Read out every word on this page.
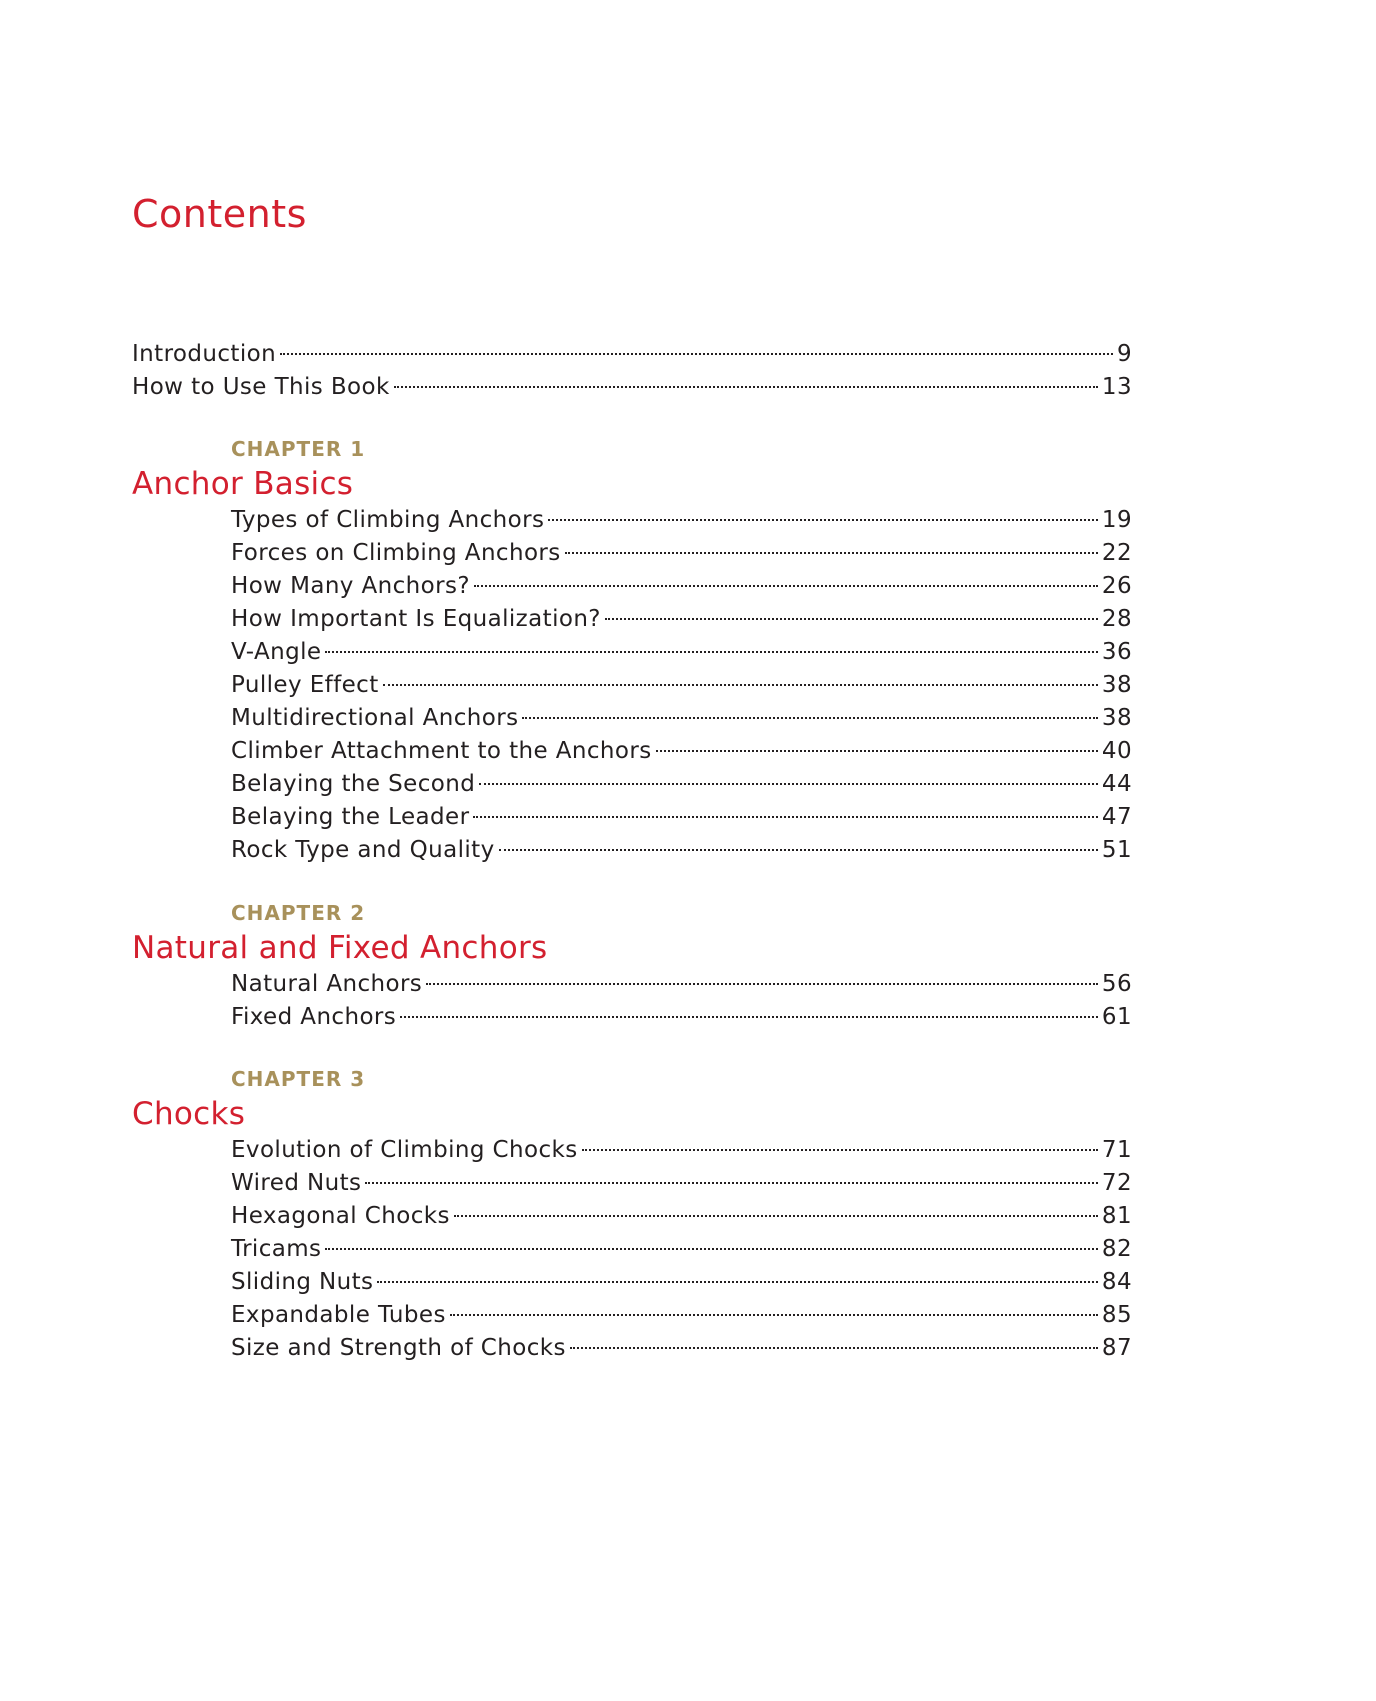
Contents
Introduction	9
How to Use This Book	13
CHAPTER 1
Anchor Basics
Types of Climbing Anchors	19
Forces on Climbing Anchors	22
How Many Anchors?	26
How Important Is Equalization?	28
V-Angle	36
Pulley Effect	38
Multidirectional Anchors	38
Climber Attachment to the Anchors	40
Belaying the Second	44
Belaying the Leader	47
Rock Type and Quality	51
CHAPTER 2
Natural and Fixed Anchors
Natural Anchors	56
Fixed Anchors	61
CHAPTER 3
Chocks
Evolution of Climbing Chocks	71
Wired Nuts	72
Hexagonal Chocks	81
Tricams	82
Sliding Nuts	84
Expandable Tubes	85
Size and Strength of Chocks	87
